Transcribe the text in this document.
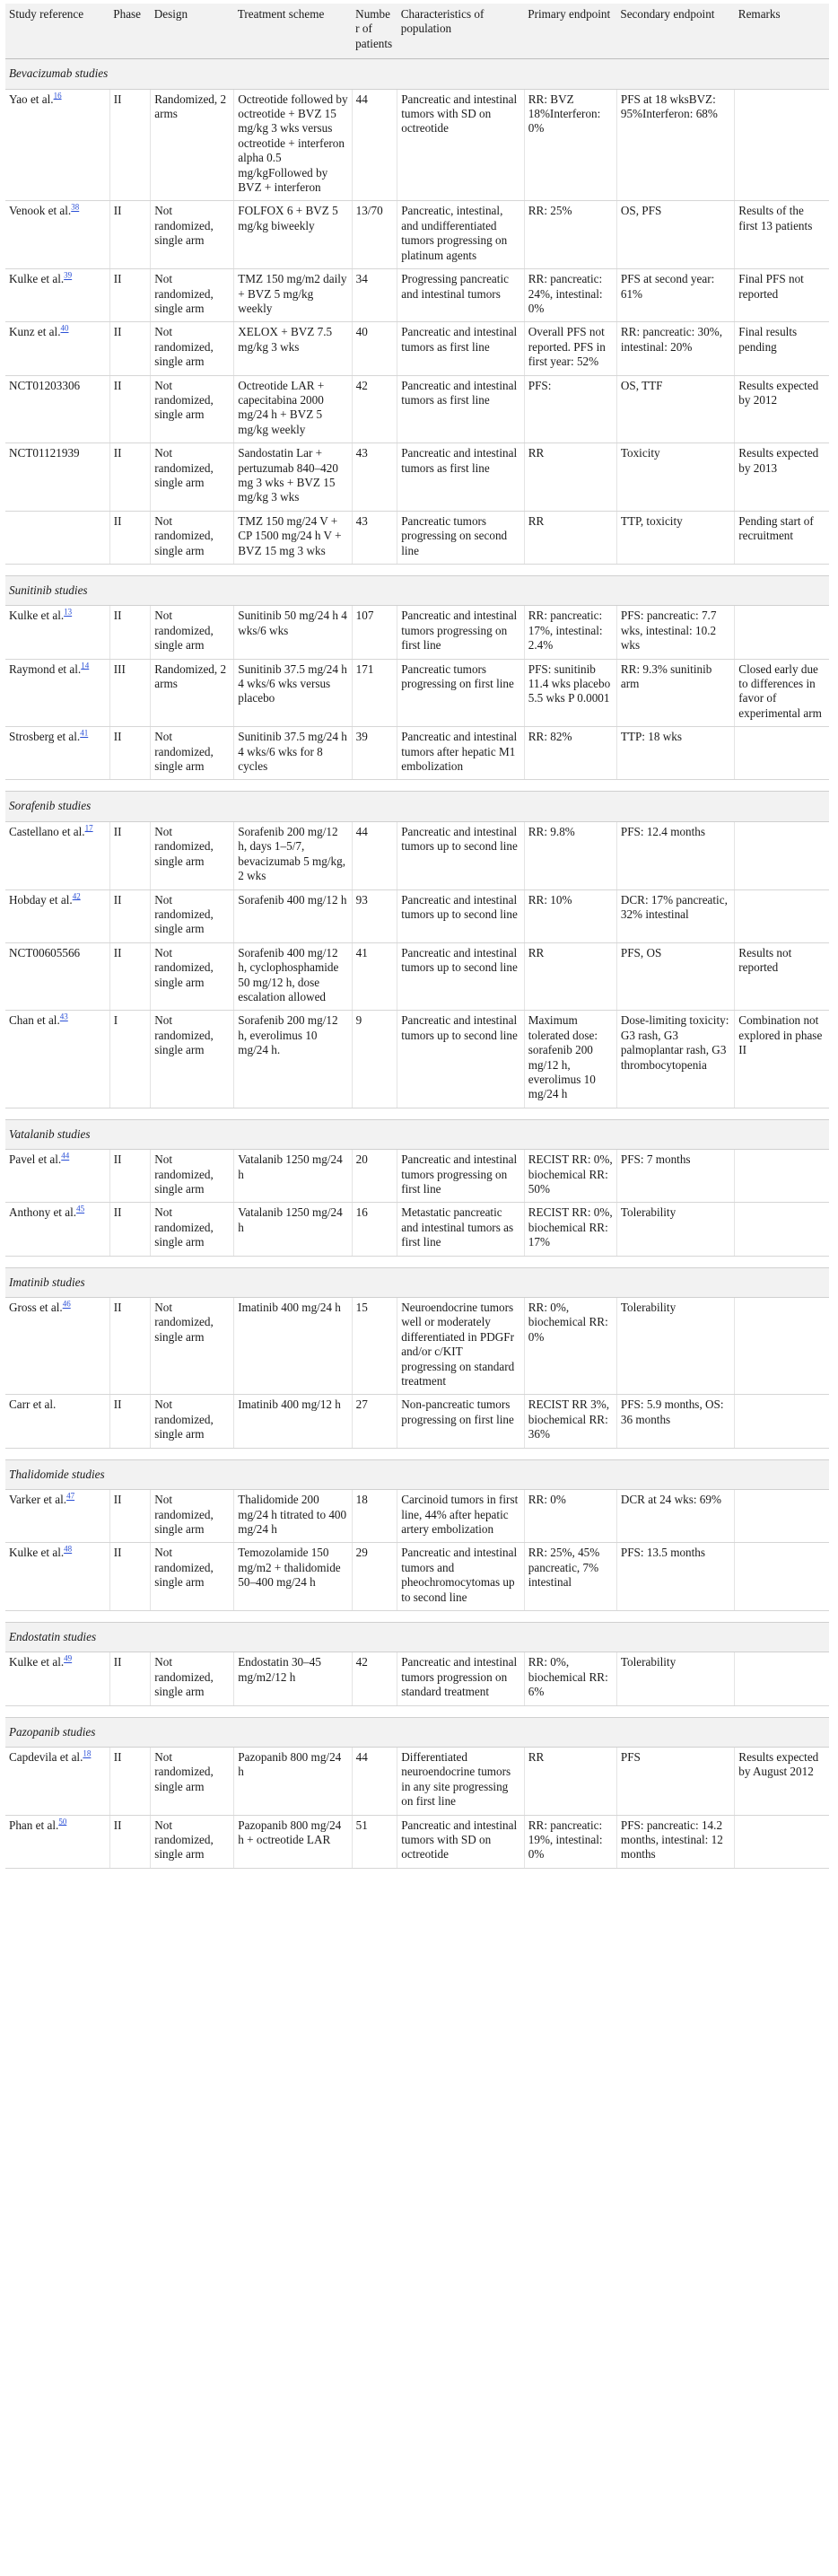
Study reference	Phase	Design	Treatment scheme	Number of patients	Characteristics of population	Primary endpoint	Secondary endpoint	Remarks
Bevacizumab studies								
Yao et al.$^{16}$	II	Randomized, 2 arms	Octreotide followed by octreotide + BVZ 15 mg/kg 3 wks versus octreotide + interferon alpha 0.5 mg/kgFollowed by BVZ + interferon	44	Pancreatic and intestinal tumors with SD on octreotide	RR: BVZ 18%Interferon: 0%	PFS at 18 wksBVZ: 95%Interferon: 68%	
Venook et al.$^{38}$	II	Not randomized, single arm	FOLFOX 6 + BVZ 5 mg/kg biweekly	13/70	Pancreatic, intestinal, and undifferentiated tumors progressing on platinum agents	RR: 25%	OS, PFS	Results of the first 13 patients
Kulke et al.$^{39}$	II	Not randomized, single arm	TMZ 150 mg/m2 daily + BVZ 5 mg/kg weekly	34	Progressing pancreatic and intestinal tumors	RR: pancreatic: 24%, intestinal: 0%	PFS at second year: 61%	Final PFS not reported
Kunz et al.$^{40}$	II	Not randomized, single arm	XELOX + BVZ 7.5 mg/kg 3 wks	40	Pancreatic and intestinal tumors as first line	Overall PFS not reported. PFS in first year: 52%	RR: pancreatic: 30%, intestinal: 20%	Final results pending
NCT01203306	II	Not randomized, single arm	Octreotide LAR + capecitabina 2000 mg/24 h + BVZ 5 mg/kg weekly	42	Pancreatic and intestinal tumors as first line	PFS:	OS, TTF	Results expected by 2012
NCT01121939	II	Not randomized, single arm	Sandostatin Lar + pertuzumab 840–420 mg 3 wks + BVZ 15 mg/kg 3 wks	43	Pancreatic and intestinal tumors as first line	RR	Toxicity	Results expected by 2013
	II	Not randomized, single arm	TMZ 150 mg/24 V + CP 1500 mg/24 h V + BVZ 15 mg 3 wks	43	Pancreatic tumors progressing on second line	RR	TTP, toxicity	Pending start of recruitment

Sunitinib studies								
Kulke et al.$^{13}$	II	Not randomized, single arm	Sunitinib 50 mg/24 h 4 wks/6 wks	107	Pancreatic and intestinal tumors progressing on first line	RR: pancreatic: 17%, intestinal: 2.4%	PFS: pancreatic: 7.7 wks, intestinal: 10.2 wks	
Raymond et al.$^{14}$	III	Randomized, 2 arms	Sunitinib 37.5 mg/24 h 4 wks/6 wks versus placebo	171	Pancreatic tumors progressing on first line	PFS: sunitinib 11.4 wks placebo 5.5 wks P 0.0001	RR: 9.3% sunitinib arm	Closed early due to differences in favor of experimental arm
Strosberg et al.$^{41}$	II	Not randomized, single arm	Sunitinib 37.5 mg/24 h 4 wks/6 wks for 8 cycles	39	Pancreatic and intestinal tumors after hepatic M1 embolization	RR: 82%	TTP: 18 wks	

Sorafenib studies								
Castellano et al.$^{17}$	II	Not randomized, single arm	Sorafenib 200 mg/12 h, days 1–5/7, bevacizumab 5 mg/kg, 2 wks	44	Pancreatic and intestinal tumors up to second line	RR: 9.8%	PFS: 12.4 months	
Hobday et al.$^{42}$	II	Not randomized, single arm	Sorafenib 400 mg/12 h	93	Pancreatic and intestinal tumors up to second line	RR: 10%	DCR: 17% pancreatic, 32% intestinal	
NCT00605566	II	Not randomized, single arm	Sorafenib 400 mg/12 h, cyclophosphamide 50 mg/12 h, dose escalation allowed	41	Pancreatic and intestinal tumors up to second line	RR	PFS, OS	Results not reported
Chan et al.$^{43}$	I	Not randomized, single arm	Sorafenib 200 mg/12 h, everolimus 10 mg/24 h.	9	Pancreatic and intestinal tumors up to second line	Maximum tolerated dose: sorafenib 200 mg/12 h, everolimus 10 mg/24 h	Dose-limiting toxicity: G3 rash, G3 palmoplantar rash, G3 thrombocytopenia	Combination not explored in phase II

Vatalanib studies								
Pavel et al.$^{44}$	II	Not randomized, single arm	Vatalanib 1250 mg/24 h	20	Pancreatic and intestinal tumors progressing on first line	RECIST RR: 0%, biochemical RR: 50%	PFS: 7 months	
Anthony et al.$^{45}$	II	Not randomized, single arm	Vatalanib 1250 mg/24 h	16	Metastatic pancreatic and intestinal tumors as first line	RECIST RR: 0%, biochemical RR: 17%	Tolerability	

Imatinib studies								
Gross et al.$^{46}$	II	Not randomized, single arm	Imatinib 400 mg/24 h	15	Neuroendocrine tumors well or moderately differentiated in PDGFr and/or c/KIT progressing on standard treatment	RR: 0%, biochemical RR: 0%	Tolerability	
Carr et al.	II	Not randomized, single arm	Imatinib 400 mg/12 h	27	Non-pancreatic tumors progressing on first line	RECIST RR 3%, biochemical RR: 36%	PFS: 5.9 months, OS: 36 months	

Thalidomide studies								
Varker et al.$^{47}$	II	Not randomized, single arm	Thalidomide 200 mg/24 h titrated to 400 mg/24 h	18	Carcinoid tumors in first line, 44% after hepatic artery embolization	RR: 0%	DCR at 24 wks: 69%	
Kulke et al.$^{48}$	II	Not randomized, single arm	Temozolamide 150 mg/m2 + thalidomide 50–400 mg/24 h	29	Pancreatic and intestinal tumors and pheochromocytomas up to second line	RR: 25%, 45% pancreatic, 7% intestinal	PFS: 13.5 months	

Endostatin studies								
Kulke et al.$^{49}$	II	Not randomized, single arm	Endostatin 30–45 mg/m2/12 h	42	Pancreatic and intestinal tumors progression on standard treatment	RR: 0%, biochemical RR: 6%	Tolerability	

Pazopanib studies								
Capdevila et al.$^{18}$	II	Not randomized, single arm	Pazopanib 800 mg/24 h	44	Differentiated neuroendocrine tumors in any site progressing on first line	RR	PFS	Results expected by August 2012
Phan et al.$^{50}$	II	Not randomized, single arm	Pazopanib 800 mg/24 h + octreotide LAR	51	Pancreatic and intestinal tumors with SD on octreotide	RR: pancreatic: 19%, intestinal: 0%	PFS: pancreatic: 14.2 months, intestinal: 12 months	
